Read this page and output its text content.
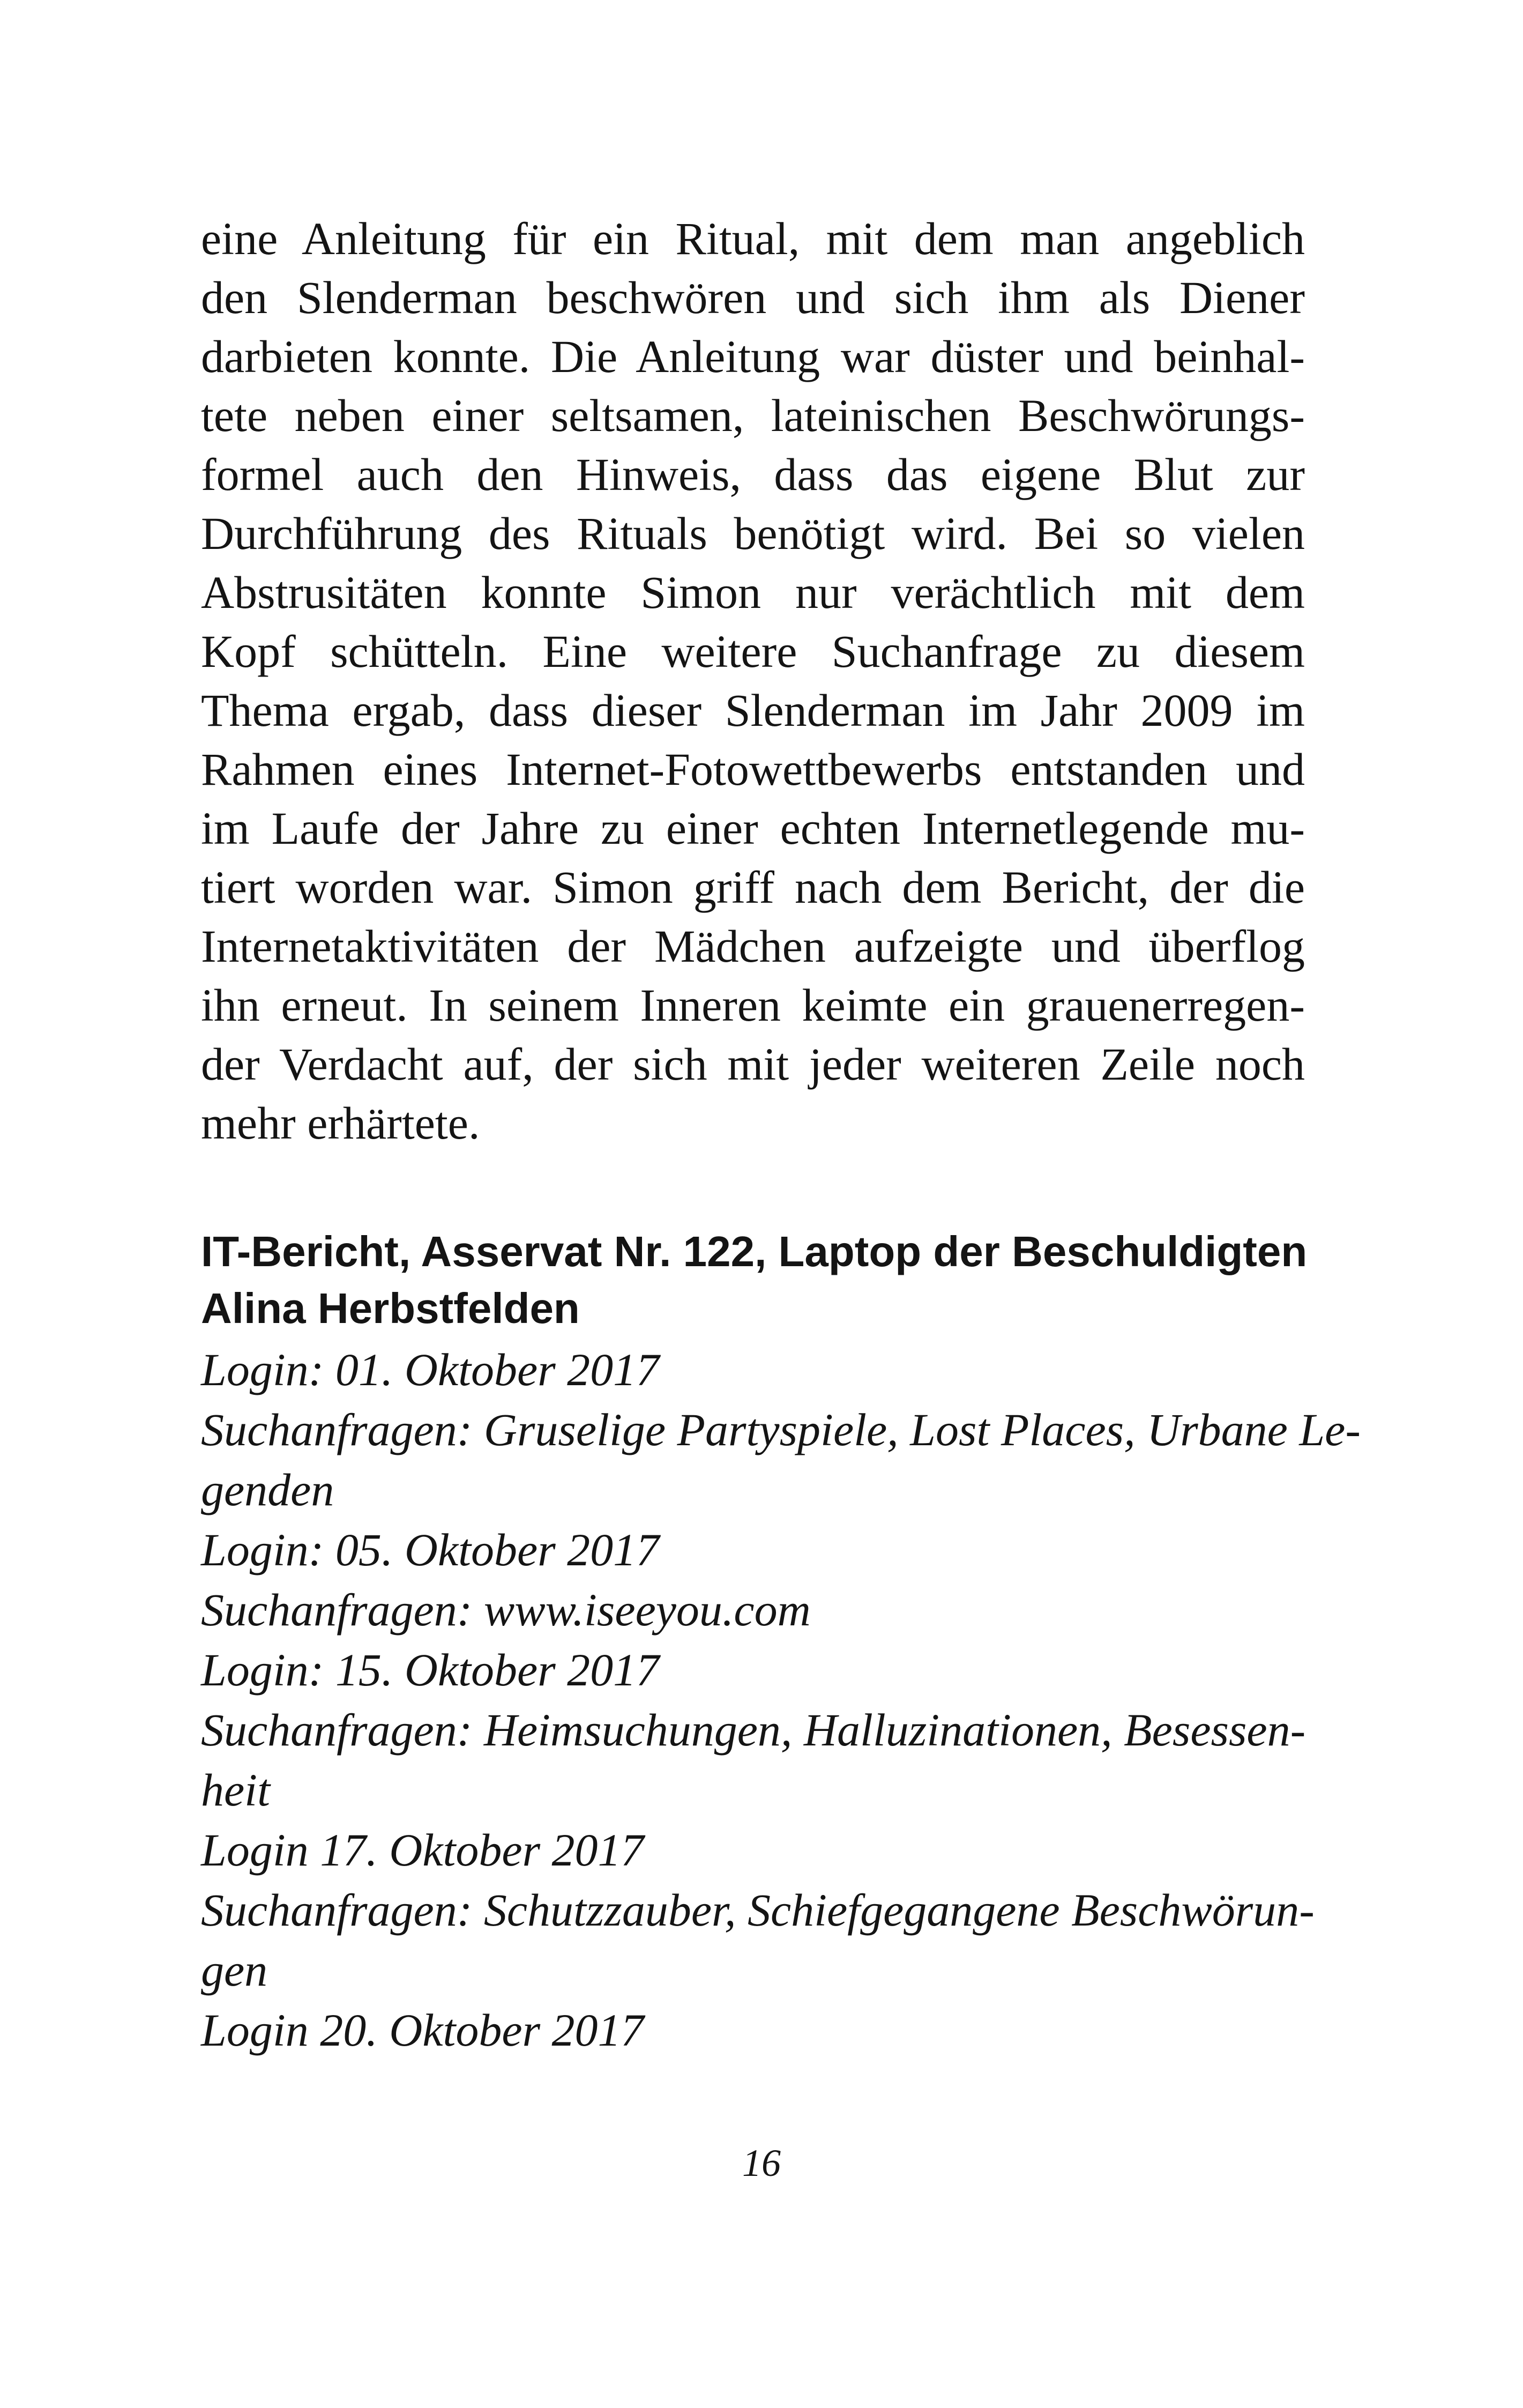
eine Anleitung für ein Ritual, mit dem man angeblich
den Slenderman beschwören und sich ihm als Diener
darbieten konnte. Die Anleitung war düster und beinhal-
tete neben einer seltsamen, lateinischen Beschwörungs-
formel auch den Hinweis, dass das eigene Blut zur
Durchführung des Rituals benötigt wird. Bei so vielen
Abstrusitäten konnte Simon nur verächtlich mit dem
Kopf schütteln. Eine weitere Suchanfrage zu diesem
Thema ergab, dass dieser Slenderman im Jahr 2009 im
Rahmen eines Internet-Fotowettbewerbs entstanden und
im Laufe der Jahre zu einer echten Internetlegende mu-
tiert worden war. Simon griff nach dem Bericht, der die
Internetaktivitäten der Mädchen aufzeigte und überflog
ihn erneut. In seinem Inneren keimte ein grauenerregen-
der Verdacht auf, der sich mit jeder weiteren Zeile noch
mehr erhärtete.
IT-Bericht, Asservat Nr. 122, Laptop der Beschuldigten
Alina Herbstfelden
Login: 01. Oktober 2017
Suchanfragen: Gruselige Partyspiele, Lost Places, Urbane Le-
genden
Login: 05. Oktober 2017
Suchanfragen: www.iseeyou.com
Login: 15. Oktober 2017
Suchanfragen: Heimsuchungen, Halluzinationen, Besessen-
heit
Login 17. Oktober 2017
Suchanfragen: Schutzzauber, Schiefgegangene Beschwörun-
gen
Login 20. Oktober 2017
16
